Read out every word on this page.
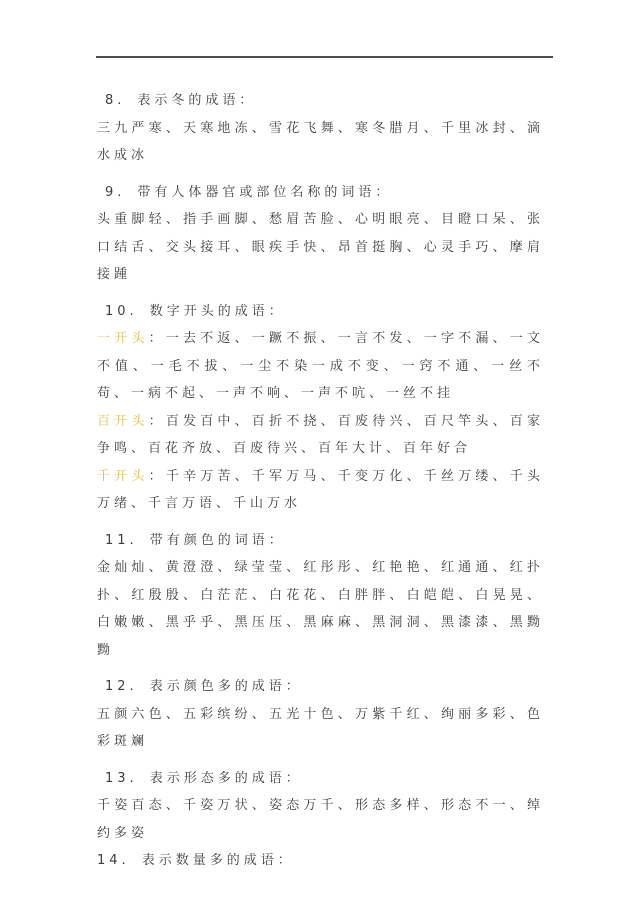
8. 表示冬的成语：

三九严寒、天寒地冻、雪花飞舞、寒冬腊月、千里冰封、滴水成冰

9. 带有人体器官或部位名称的词语：

头重脚轻、指手画脚、愁眉苦脸、心明眼亮、目瞪口呆、张口结舌、交头接耳、眼疾手快、昂首挺胸、心灵手巧、摩肩接踵

10. 数字开头的成语：

一开头：一去不返、一蹶不振、一言不发、一字不漏、一文不值、一毛不拔、一尘不染一成不变、一窍不通、一丝不苟、一病不起、一声不响、一声不吭、一丝不挂

百开头：百发百中、百折不挠、百废待兴、百尺竿头、百家争鸣、百花齐放、百废待兴、百年大计、百年好合

千开头：千辛万苦、千军万马、千变万化、千丝万缕、千头万绪、千言万语、千山万水

11. 带有颜色的词语：

金灿灿、黄澄澄、绿莹莹、红彤彤、红艳艳、红通通、红扑扑、红殷殷、白茫茫、白花花、白胖胖、白皑皑、白晃晃、白嫩嫩、黑乎乎、黑压压、黑麻麻、黑洞洞、黑漆漆、黑黝黝

12. 表示颜色多的成语：

五颜六色、五彩缤纷、五光十色、万紫千红、绚丽多彩、色彩斑斓

13. 表示形态多的成语：

千姿百态、千姿万状、姿态万千、形态多样、形态不一、绰约多姿

14. 表示数量多的成语：
